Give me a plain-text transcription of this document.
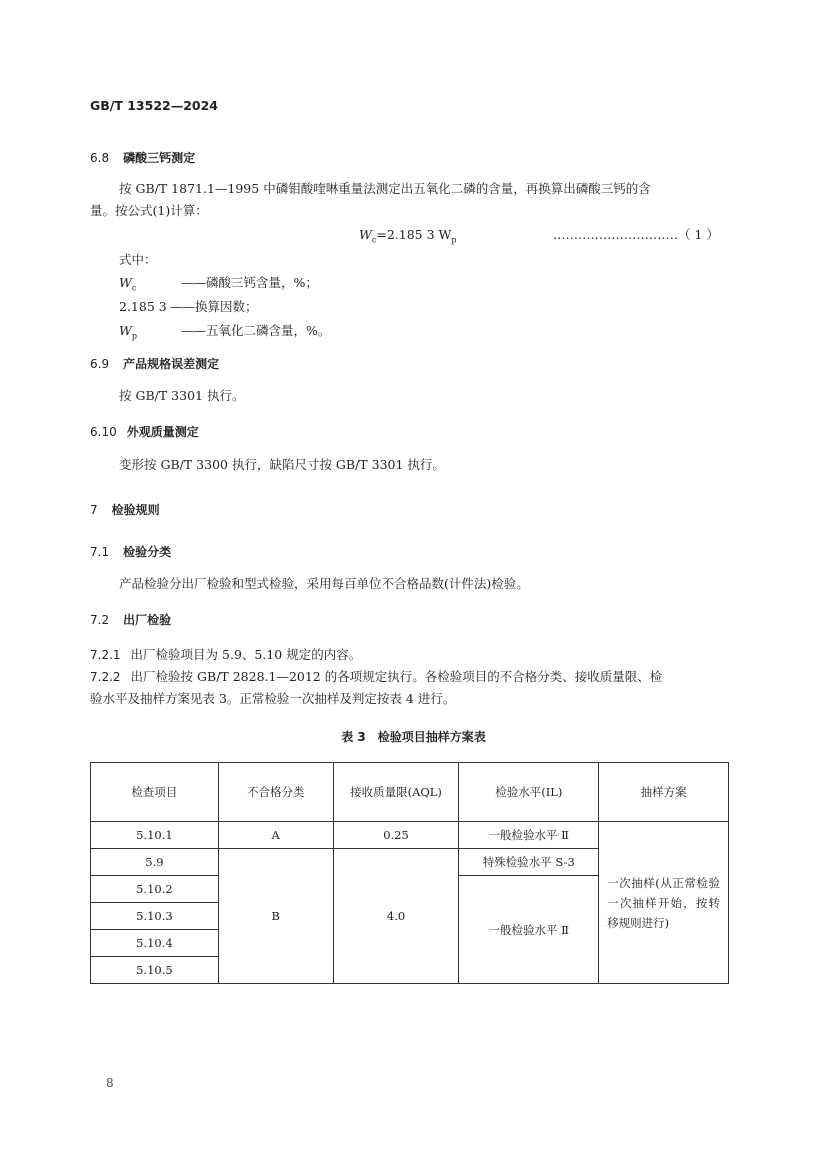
GB/T 13522—2024
6.8 磷酸三钙测定
按 GB/T 1871.1—1995 中磷钼酸喹啉重量法测定出五氧化二磷的含量，再换算出磷酸三钙的含
量。按公式(1)计算：
$W_c=2.185$ 3 $W_p$	…………………………（ 1 ）
式中：
$W_c$	——磷酸三钙含量，%；
2.185 3 ——换算因数；
$W_p$	——五氧化二磷含量，%。
6.9 产品规格误差测定
按 GB/T 3301 执行。
6.10 外观质量测定
变形按 GB/T 3300 执行，缺陷尺寸按 GB/T 3301 执行。
7 检验规则
7.1 检验分类
产品检验分出厂检验和型式检验，采用每百单位不合格品数(计件法)检验。
7.2 出厂检验
7.2.1 出厂检验项目为 5.9、5.10 规定的内容。
7.2.2 出厂检验按 GB/T 2828.1—2012 的各项规定执行。各检验项目的不合格分类、接收质量限、检
验水平及抽样方案见表 3。正常检验一次抽样及判定按表 4 进行。
表 3　检验项目抽样方案表
检查项目	不合格分类	接收质量限(AQL)	检验水平(IL)	抽样方案
5.10.1	A	0.25	一般检验水平 Ⅱ	一次抽样(从正常检验一次抽样开始，按转移规则进行)
5.9	B	4.0	特殊检验水平 S-3	
5.10.2			一般检验水平 Ⅱ	
5.10.3				
5.10.4				
5.10.5				
8
